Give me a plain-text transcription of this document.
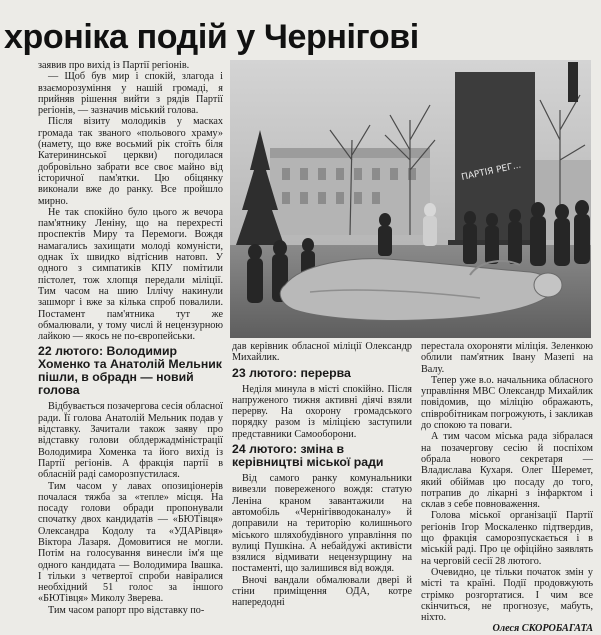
хроніка подій у Чернігові

заявив про вихід із Партії регіонів.

— Щоб був мир і спокій, злагода і взаєморозуміння у нашій громаді, я прийняв рішення вийти з рядів Партії регіонів, — зазначив міський голова.

Після візиту молодиків у масках громада так званого «польового храму» (намету, що вже восьмий рік стоїть біля Катерининської церкви) погодилася добровільно забрати все своє майно від історичної пам'ятки. Цю обіцянку виконали вже до ранку. Все пройшло мирно.

Не так спокійно було цього ж вечора пам'ятнику Леніну, що на перехресті проспектів Миру та Перемоги. Вождя намагались захищати молоді комуністи, однак їх швидко відтіснив натовп. У одного з симпатиків КПУ помітили пістолет, тож хлопця передали міліції. Тим часом на шию Іллічу накинули зашморг і вже за кілька спроб повалили. Постамент пам'ятника тут же обмалювали, у тому числі й нецензурною лайкою — якось не по-європейськи.

22 лютого: Володимир Хоменко та Анатолій Мельник пішли, в обрадн — новий голова

Відбувається позачергова сесія обласної ради. Її голова Анатолій Мельник подав у відставку. Зачитали також заяву про відставку голови облдержадміністрації Володимира Хоменка та його вихід із Партії регіонів. А фракція партії в обласній раді саморозпустилася.

Тим часом у лавах опозиціонерів почалася тяжба за «тепле» місця. На посаду голови обради пропонували спочатку двох кандидатів — «БЮТівця» Олександра Кодолу та «УДАРівця» Віктора Лазаря. Домовитися не могли. Потім на голосування винесли ім'я ще одного кандидата — Володимира Івашка. І тільки з четвертої спроби навіралися необхідний 51 голос за іншого «БЮТівця» Миколу Зверева.

Тим часом рапорт про відставку по-

ПАРТІЯ РЕГ...

дав керівник обласної міліції Олександр Михайлик.

23 лютого: перерва

Неділя минула в місті спокійно. Після напруженого тижня активні діячі взяли перерву. На охорону громадського порядку разом із міліцією заступили представники Самооборони.

24 лютого: зміна в керівництві міської ради

Від самого ранку комунальники вивезли повереженого вождя: статую Леніна краном завантажили на автомобіль «Чернігівводоканалу» й доправили на територію колишнього міського шляхобудівного управління по вулиці Пушкіна. А небайдужі активісти взялися відмивати нецензурщину на постаменті, що залишився від вождя.

Вночі вандали обмалювали двері й стіни приміщення ОДА, котре напередодні

перестала охороняти міліція. Зеленкою облили пам'ятник Івану Мазепі на Валу.

Тепер уже в.о. начальника обласного управління МВС Олександр Михайлик повідомив, що міліцію ображають, співробітникам погрожують, і закликав до спокою та поваги.

А тим часом міська рада зібралася на позачергову сесію й поспіхом обрала нового секретаря — Владислава Кухаря. Олег Шеремет, який обіймав цю посаду до того, потрапив до лікарні з інфарктом і склав з себе повноваження.

Голова міської організації Партії регіонів Ігор Москаленко підтвердив, що фракція саморозпускається і в міській раді. Про це офіційно заявлять на черговій сесії 28 лютого.

Очевидно, це тільки початок змін у місті та країні. Події продовжують стрімко розгортатися. І чим все скінчиться, не прогнозує, мабуть, ніхто.

Олеся СКОРОБАГАТА
